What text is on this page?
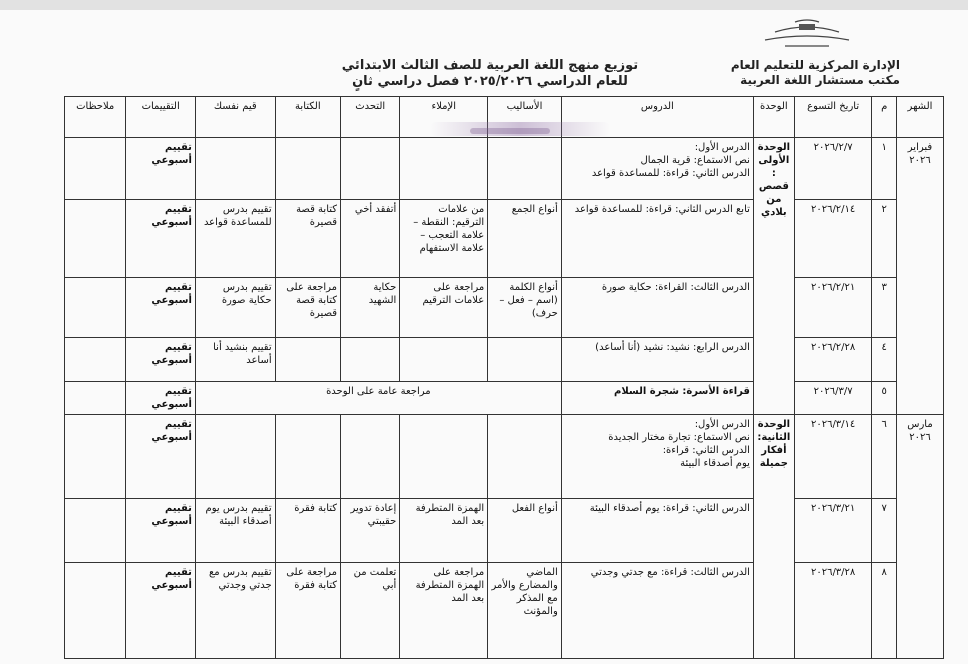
الإدارة المركزية للتعليم العام
مكتب مستشار اللغة العربية
توزيع منهج اللغة العربية للصف الثالث الابتدائي
للعام الدراسي ٢٠٢٥/٢٠٢٦ فصل دراسي ثانٍ
الشهر	م	تاريخ التسوع	الوحدة	الدروس	الأساليب	الإملاء	التحدث	الكتابة	قيم نفسك	التقييمات	ملاحظات
فبراير ٢٠٢٦	١	٢٠٢٦/٢/٧	الوحدة الأولى: قصص من بلادي	الدرس الأول:
نص الاستماع: قرية الجمال
الدرس الثاني: قراءة: للمساعدة قواعد						تقييم أسبوعي	
	٢	٢٠٢٦/٢/١٤		تابع الدرس الثاني: قراءة: للمساعدة قواعد	أنواع الجمع	من علامات الترقيم: النقطة – علامة التعجب – علامة الاستفهام	أتفقد أخي	كتابة قصة قصيرة	تقييم بدرس للمساعدة قواعد	تقييم أسبوعي	
	٣	٢٠٢٦/٢/٢١		الدرس الثالث: القراءة: حكاية صورة	أنواع الكلمة (اسم – فعل – حرف)	مراجعة على علامات الترقيم	حكاية الشهيد	مراجعة على كتابة قصة قصيرة	تقييم بدرس حكاية صورة	تقييم أسبوعي	
	٤	٢٠٢٦/٢/٢٨		الدرس الرابع: نشيد: نشيد (أنا أساعد)					تقييم بنشيد أنا أساعد	تقييم أسبوعي	
	٥	٢٠٢٦/٣/٧		قراءة الأسرة: شجرة السلام	مراجعة عامة على الوحدة					تقييم أسبوعي	
مارس ٢٠٢٦	٦	٢٠٢٦/٣/١٤	الوحدة الثانية: أفكار جميلة	الدرس الأول:
نص الاستماع: تجارة مختار الجديدة
الدرس الثاني: قراءة:
يوم أصدقاء البيئة						تقييم أسبوعي	
	٧	٢٠٢٦/٣/٢١		الدرس الثاني: قراءة: يوم أصدقاء البيئة	أنواع الفعل	الهمزة المتطرفة بعد المد	إعادة تدوير حقيبتي	كتابة فقرة	تقييم بدرس يوم أصدقاء البيئة	تقييم أسبوعي	
	٨	٢٠٢٦/٣/٢٨		الدرس الثالث: قراءة: مع جدتي وجدتي	الماضي والمضارع والأمر مع المذكر والمؤنث	مراجعة على الهمزة المتطرفة بعد المد	تعلمت من أبي	مراجعة على كتابة فقرة	تقييم بدرس مع جدتي وجدتي	تقييم أسبوعي	
